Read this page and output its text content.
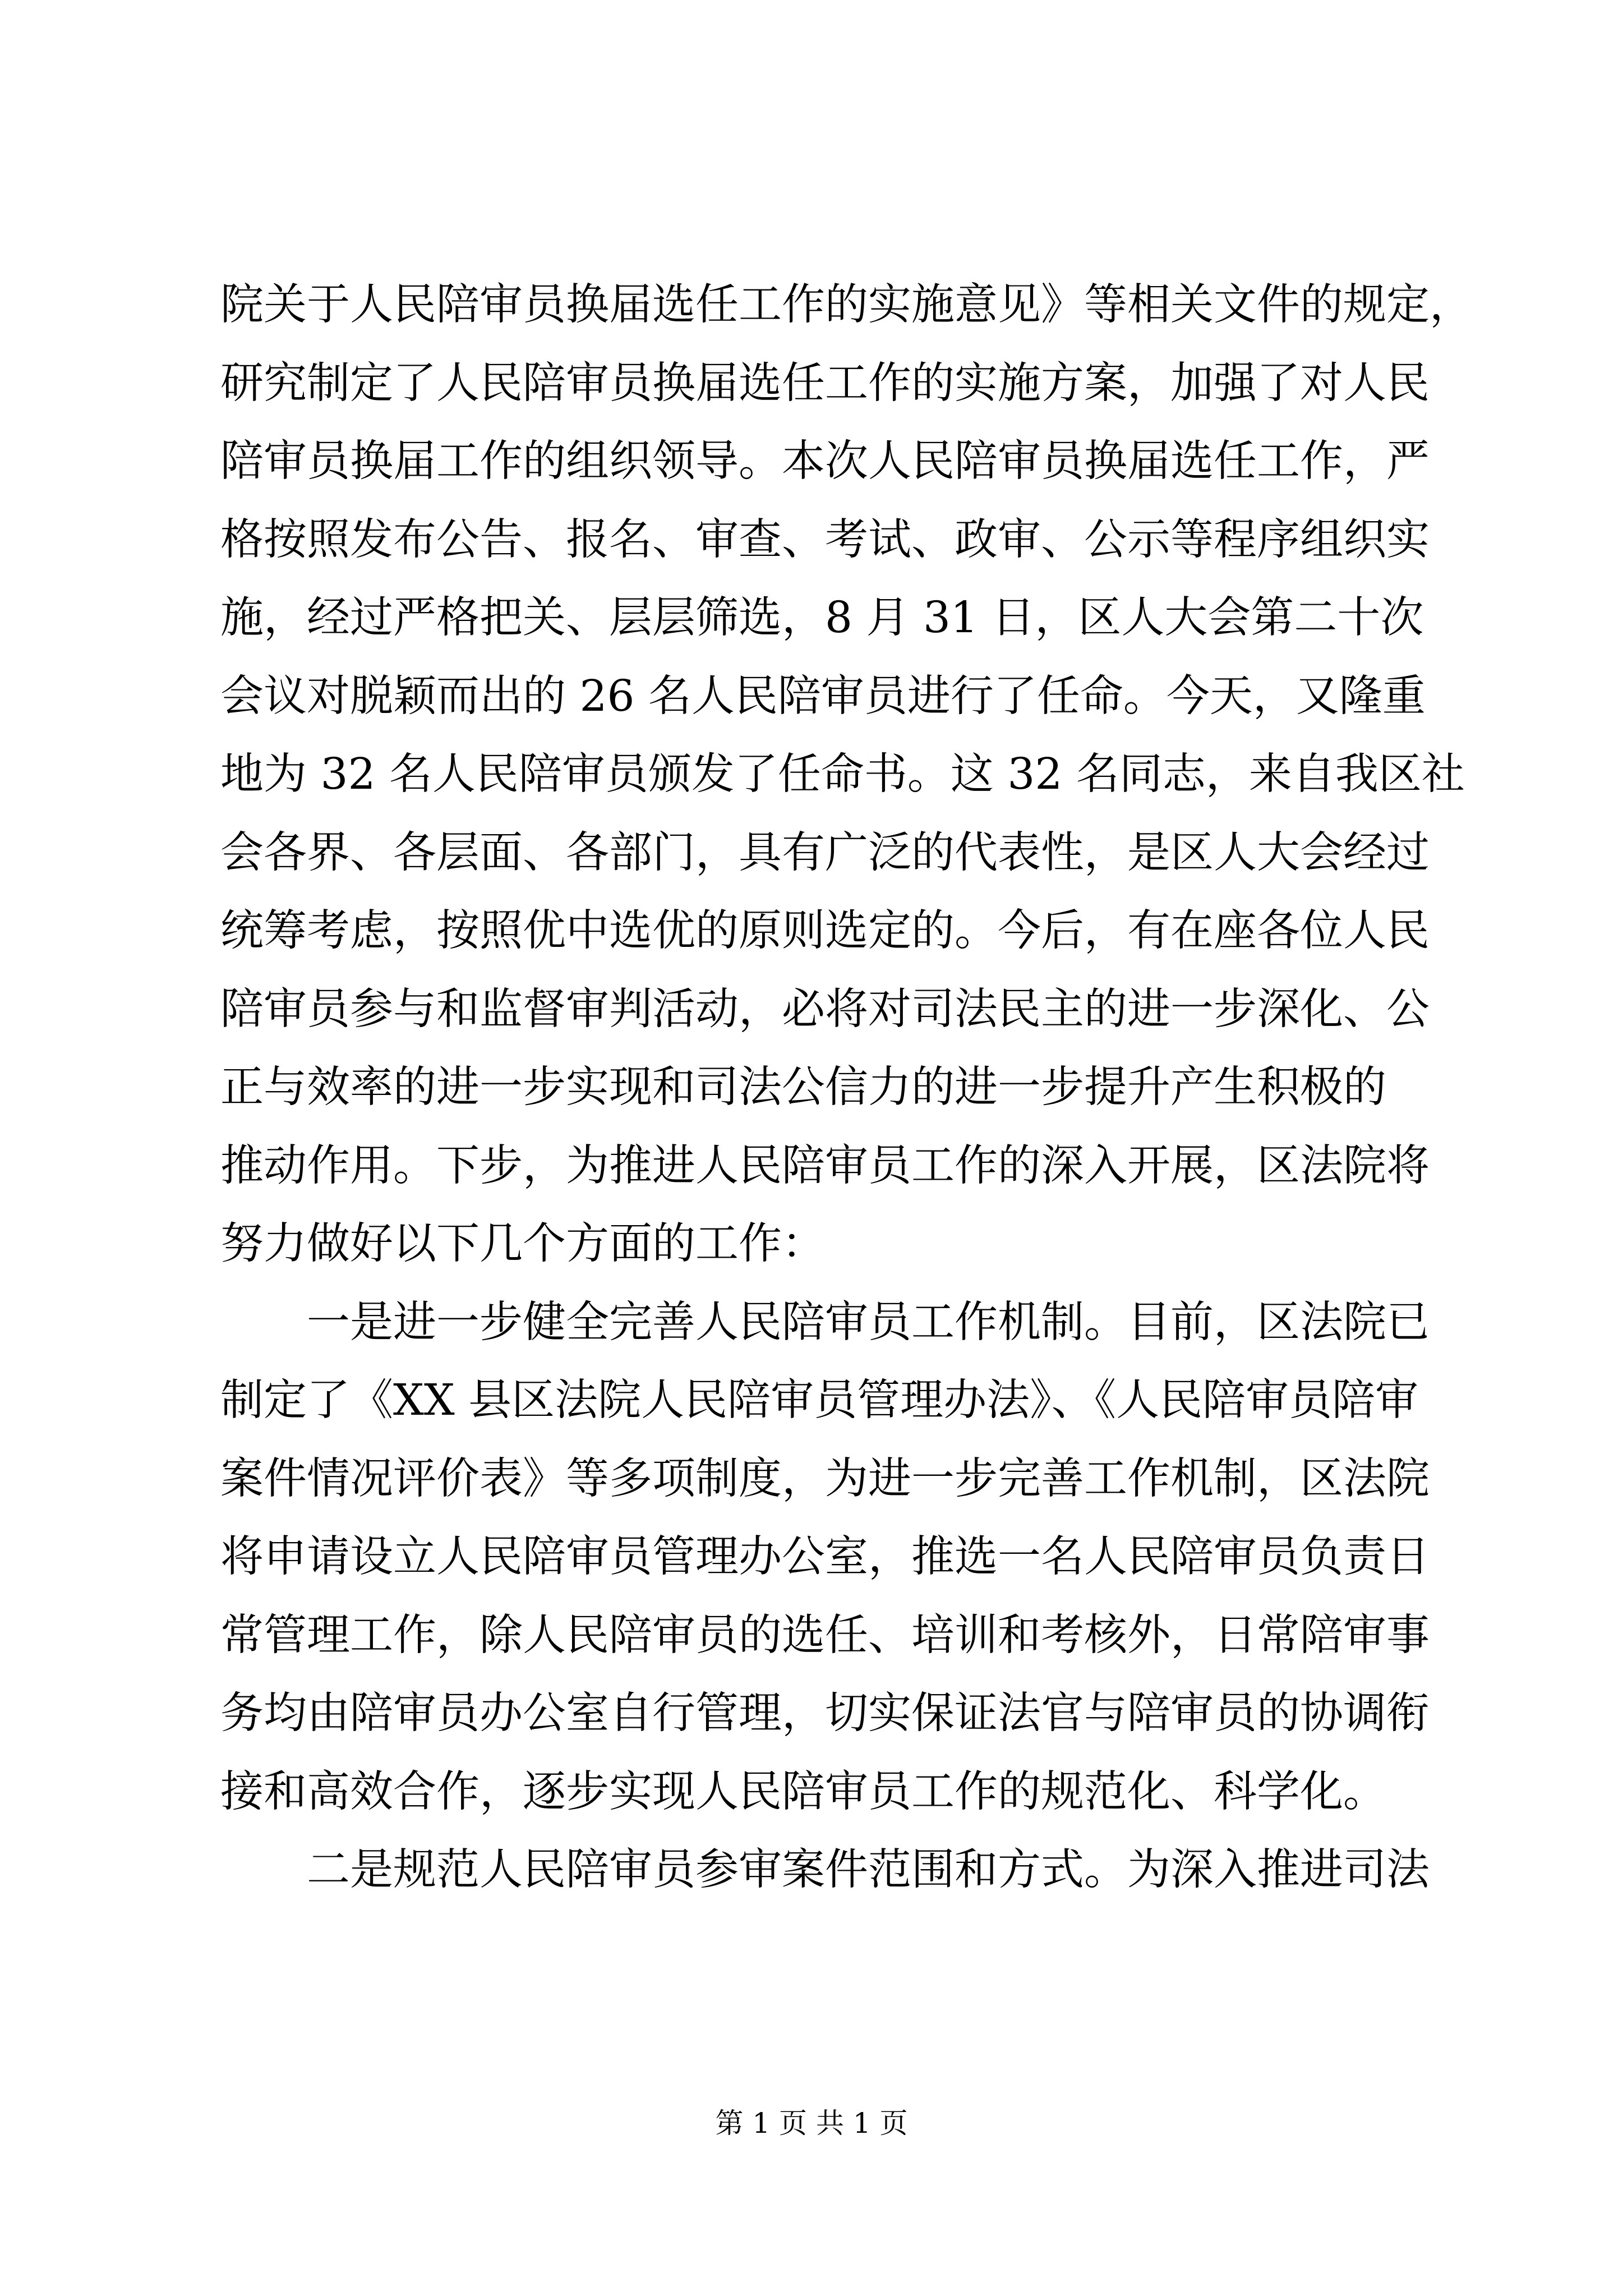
院关于人民陪审员换届选任工作的实施意见》等相关文件的规定，
研究制定了人民陪审员换届选任工作的实施方案，加强了对人民
陪审员换届工作的组织领导。本次人民陪审员换届选任工作，严
格按照发布公告、报名、审查、考试、政审、公示等程序组织实
施，经过严格把关、层层筛选，8 月 31 日，区人大会第二十次
会议对脱颖而出的 26 名人民陪审员进行了任命。今天，又隆重
地为 32 名人民陪审员颁发了任命书。这 32 名同志，来自我区社
会各界、各层面、各部门，具有广泛的代表性，是区人大会经过
统筹考虑，按照优中选优的原则选定的。今后，有在座各位人民
陪审员参与和监督审判活动，必将对司法民主的进一步深化、公
正与效率的进一步实现和司法公信力的进一步提升产生积极的
推动作用。下步，为推进人民陪审员工作的深入开展，区法院将
努力做好以下几个方面的工作：
一是进一步健全完善人民陪审员工作机制。目前，区法院已
制定了《XX 县区法院人民陪审员管理办法》、《人民陪审员陪审
案件情况评价表》等多项制度，为进一步完善工作机制，区法院
将申请设立人民陪审员管理办公室，推选一名人民陪审员负责日
常管理工作，除人民陪审员的选任、培训和考核外，日常陪审事
务均由陪审员办公室自行管理，切实保证法官与陪审员的协调衔
接和高效合作，逐步实现人民陪审员工作的规范化、科学化。
二是规范人民陪审员参审案件范围和方式。为深入推进司法
第 1 页 共 1 页
